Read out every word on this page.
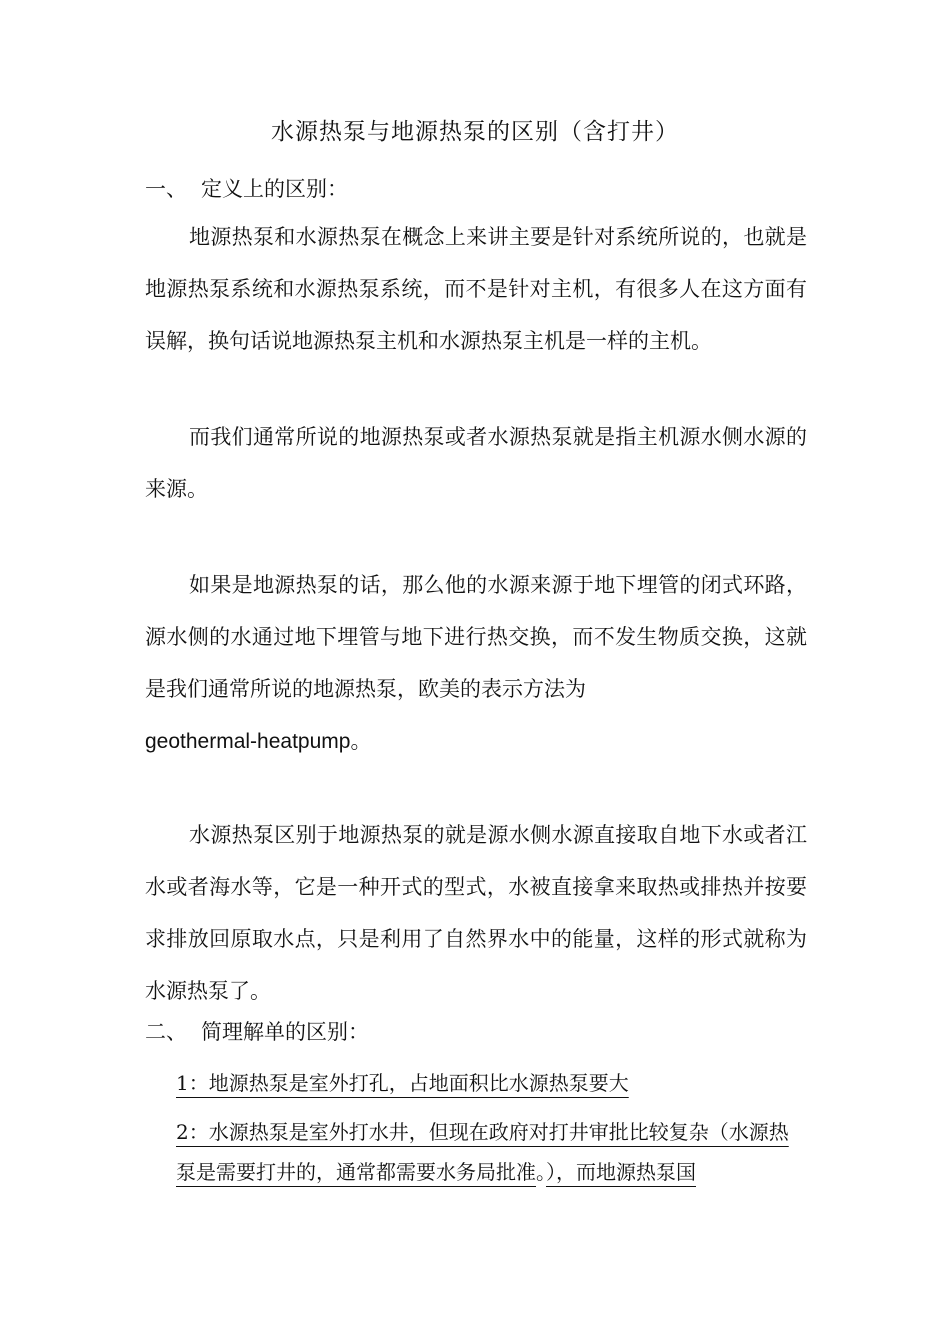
水源热泵与地源热泵的区别（含打井）
一、 定义上的区别：

地源热泵和水源热泵在概念上来讲主要是针对系统所说的，也就是地源热泵系统和水源热泵系统，而不是针对主机，有很多人在这方面有误解，换句话说地源热泵主机和水源热泵主机是一样的主机。

而我们通常所说的地源热泵或者水源热泵就是指主机源水侧水源的来源。

如果是地源热泵的话，那么他的水源来源于地下埋管的闭式环路，源水侧的水通过地下埋管与地下进行热交换，而不发生物质交换，这就是我们通常所说的地源热泵，欧美的表示方法为
geothermal-heatpump。

水源热泵区别于地源热泵的就是源水侧水源直接取自地下水或者江水或者海水等，它是一种开式的型式，水被直接拿来取热或排热并按要求排放回原取水点，只是利用了自然界水中的能量，这样的形式就称为水源热泵了。

二、 简理解单的区别：

1：地源热泵是室外打孔，占地面积比水源热泵要大

2：水源热泵是室外打水井，但现在政府对打井审批比较复杂（水源热泵是需要打井的，通常都需要水务局批准。），而地源热泵国
